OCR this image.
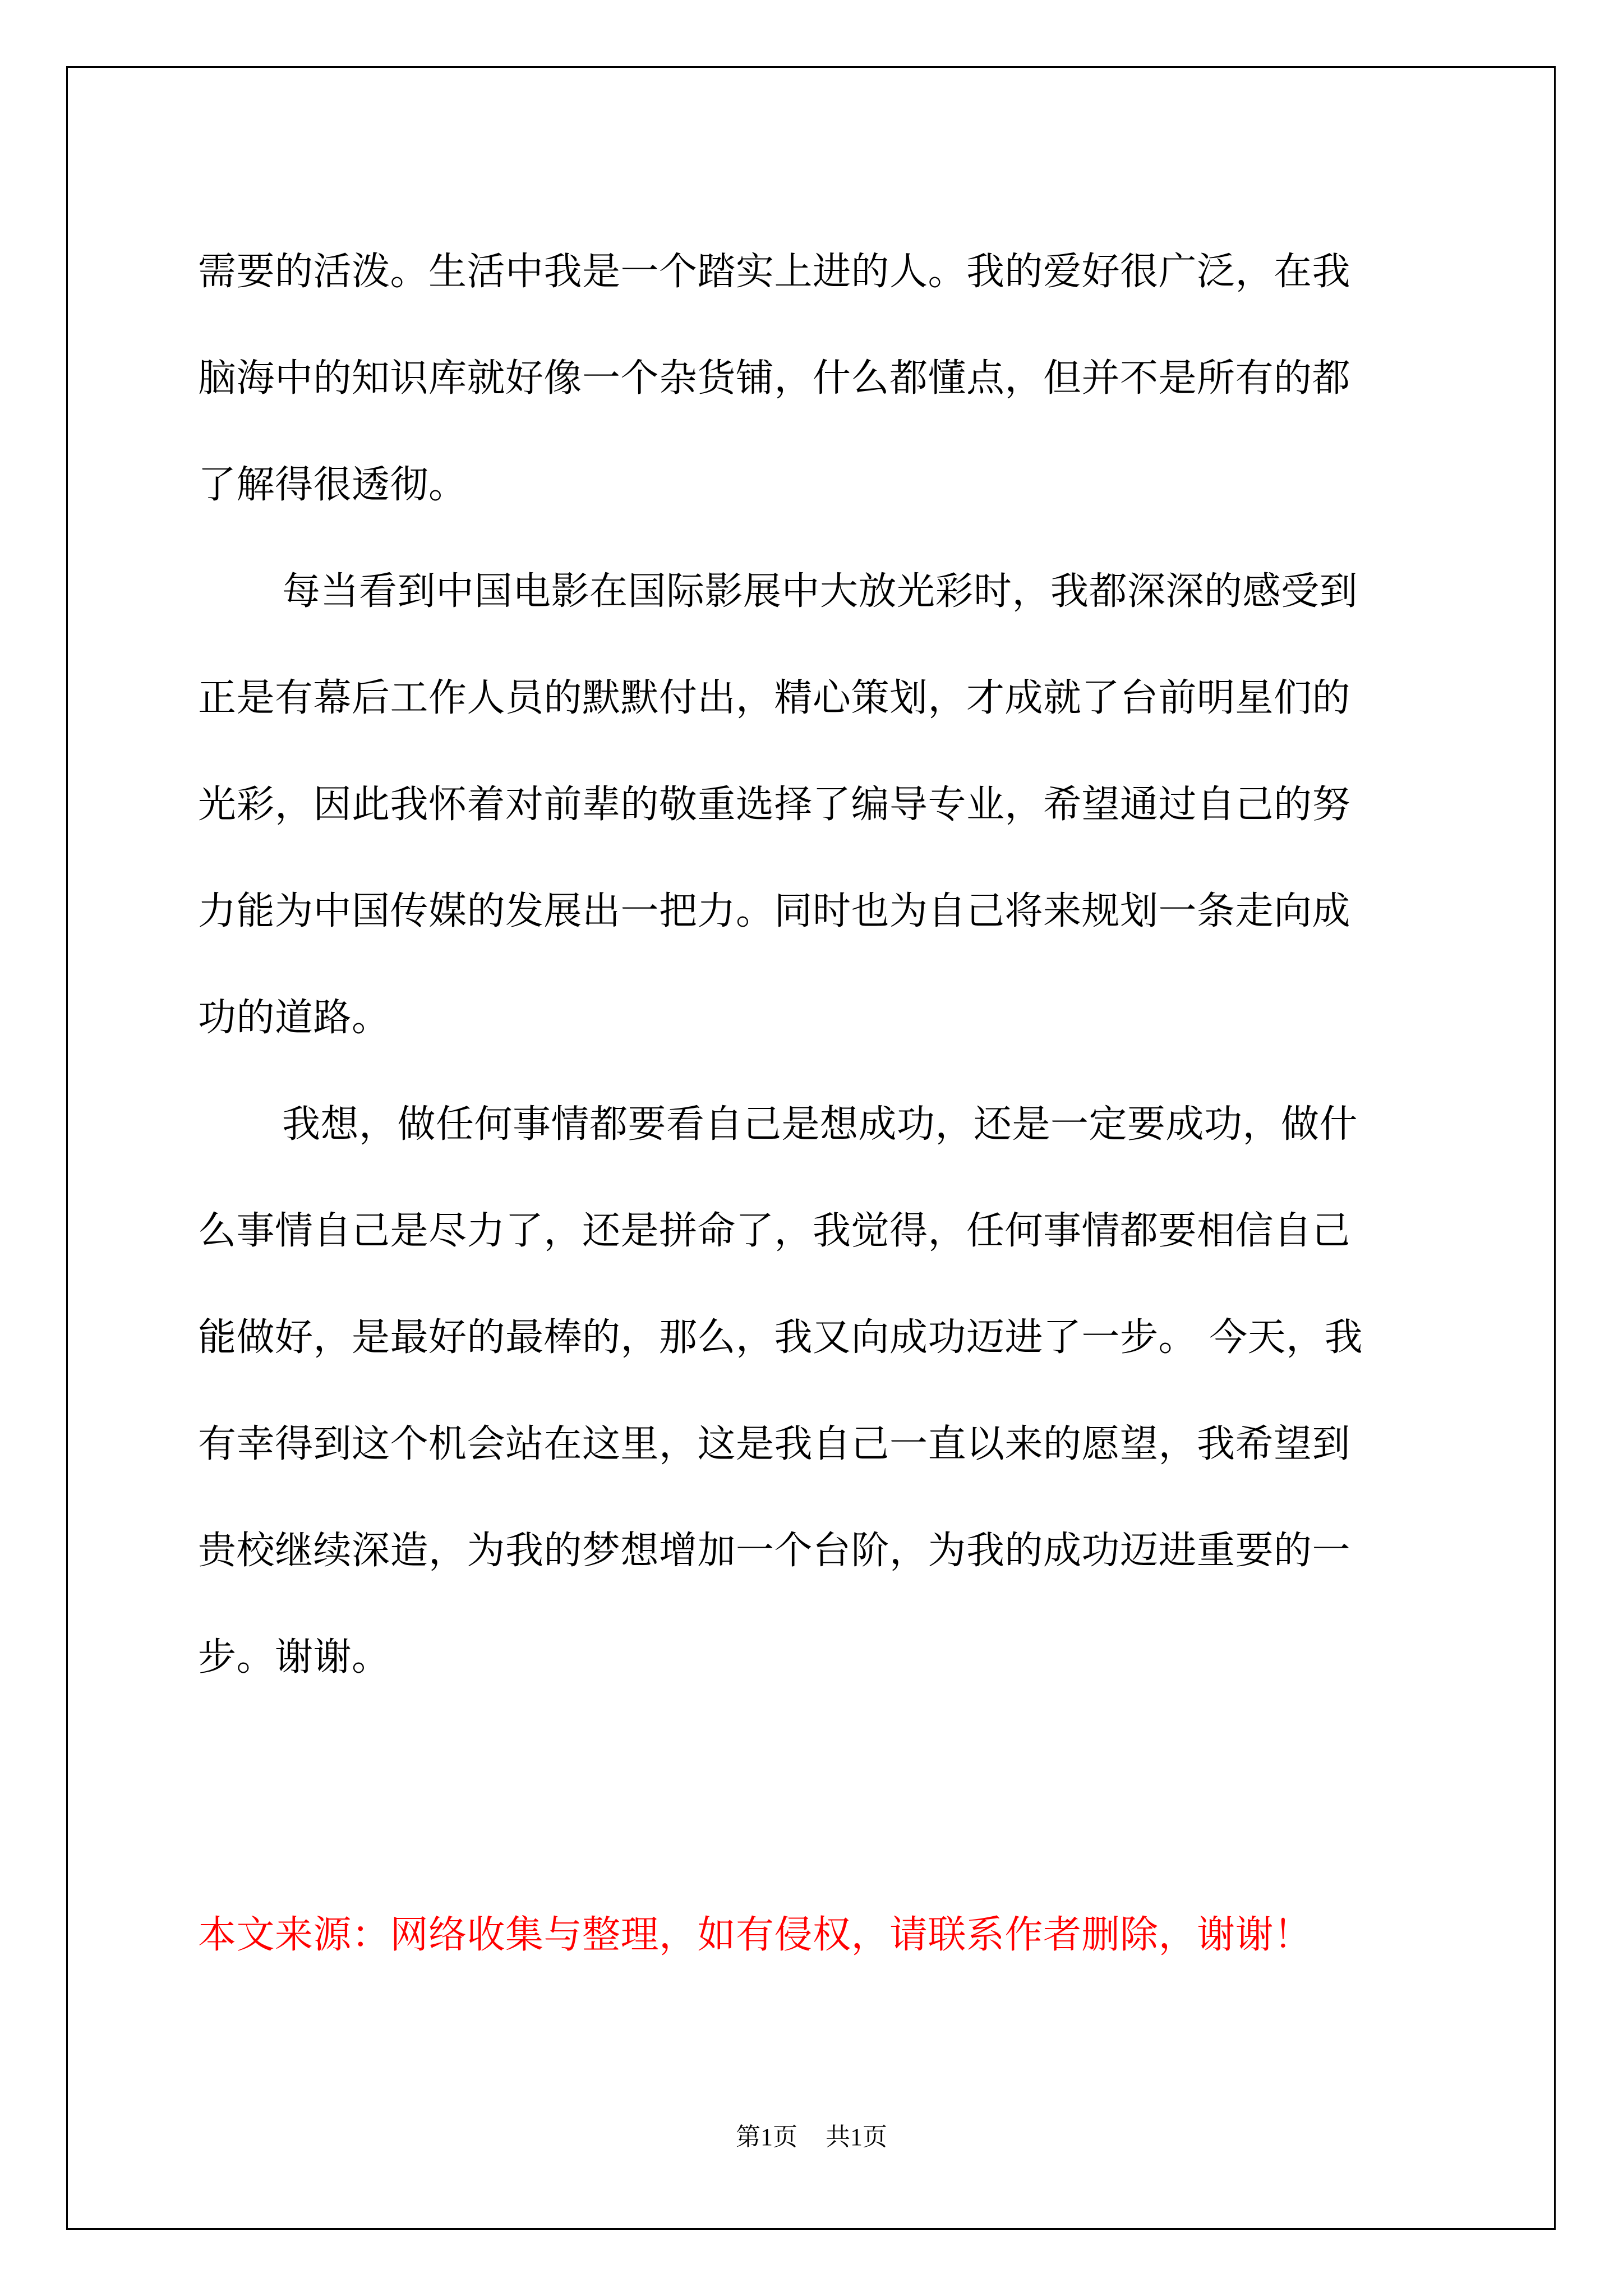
需要的活泼。生活中我是一个踏实上进的人。我的爱好很广泛，在我
脑海中的知识库就好像一个杂货铺，什么都懂点，但并不是所有的都
了解得很透彻。
每当看到中国电影在国际影展中大放光彩时，我都深深的感受到
正是有幕后工作人员的默默付出，精心策划，才成就了台前明星们的
光彩，因此我怀着对前辈的敬重选择了编导专业，希望通过自己的努
力能为中国传媒的发展出一把力。同时也为自己将来规划一条走向成
功的道路。
我想，做任何事情都要看自己是想成功，还是一定要成功，做什
么事情自己是尽力了，还是拼命了，我觉得，任何事情都要相信自己
能做好，是最好的最棒的，那么，我又向成功迈进了一步。 今天，我
有幸得到这个机会站在这里，这是我自己一直以来的愿望，我希望到
贵校继续深造，为我的梦想增加一个台阶，为我的成功迈进重要的一
步。谢谢。
本文来源：网络收集与整理，如有侵权，请联系作者删除，谢谢！
第1页 共1页
